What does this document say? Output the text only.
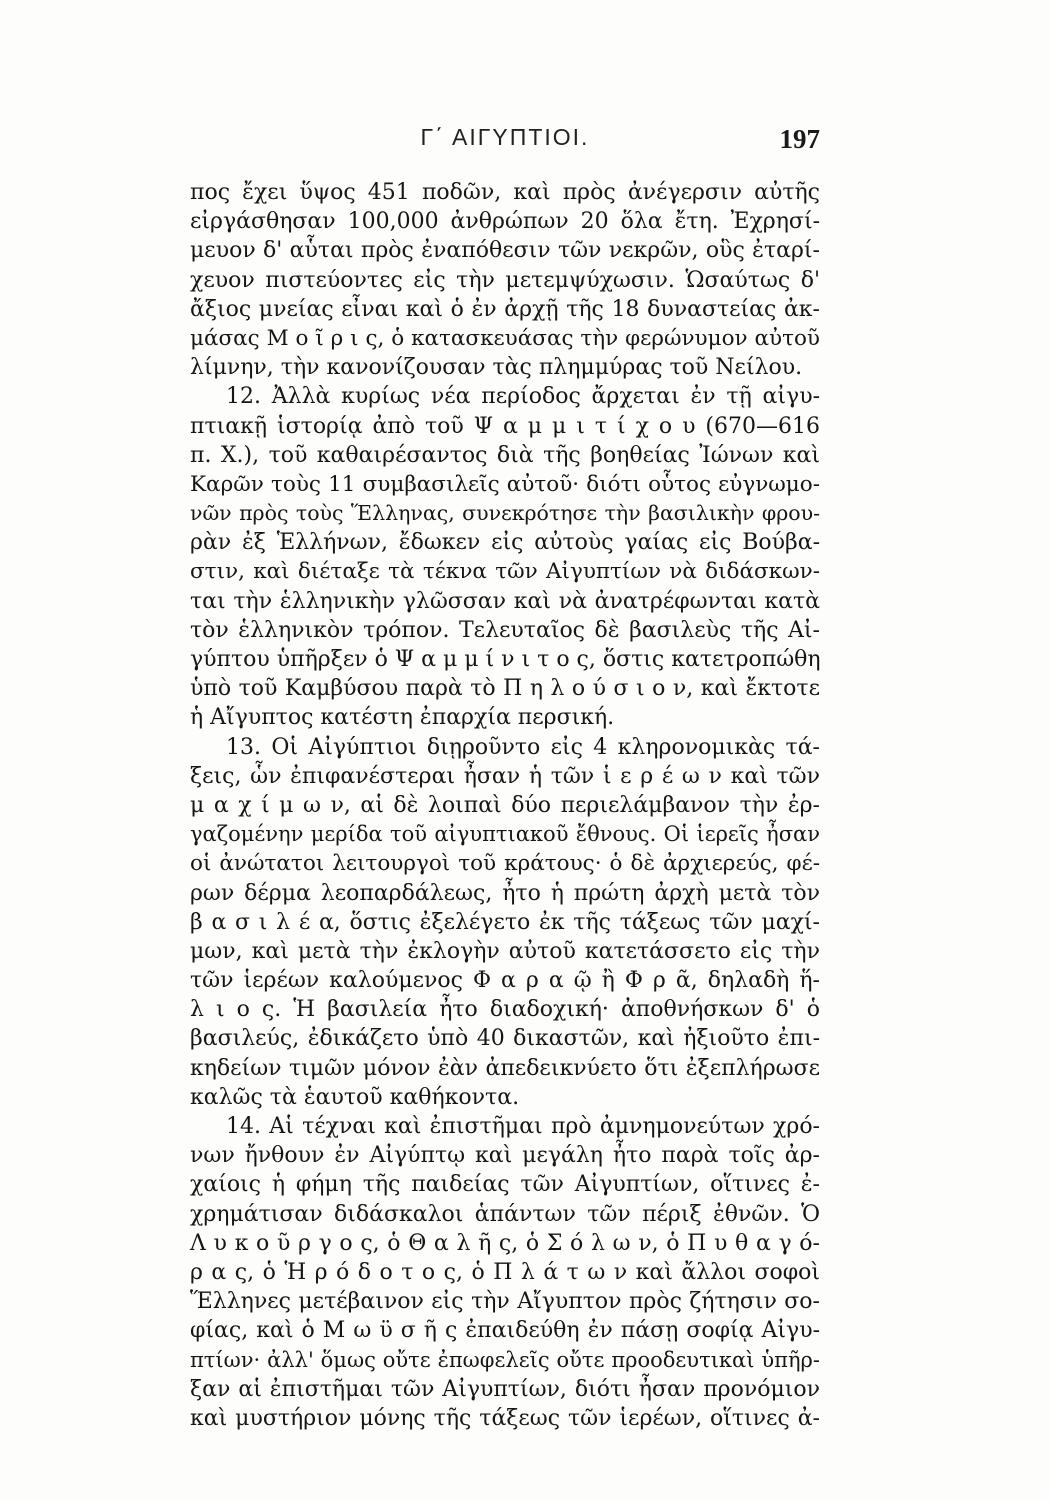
Γ΄ ΑΙΓΥΠΤΙΟΙ.	197
πος ἔχει ὕψος 451 ποδῶν, καὶ πρὸς ἀνέγερσιν αὐτῆς
εἰργάσθησαν 100,000 ἀνθρώπων 20 ὅλα ἔτη. Ἐχρησί-
μευον δ' αὗται πρὸς ἐναπόθεσιν τῶν νεκρῶν, οὓς ἐταρί-
χευον πιστεύοντες εἰς τὴν μετεμψύχωσιν. Ὡσαύτως δ'
ἄξιος μνείας εἶναι καὶ ὁ ἐν ἀρχῇ τῆς 18 δυναστείας ἀκ-
μάσας Μ ο ῖ ρ ι ς, ὁ κατασκευάσας τὴν φερώνυμον αὐτοῦ
λίμνην, τὴν κανονίζουσαν τὰς πλημμύρας τοῦ Νείλου.
12. Ἀλλὰ κυρίως νέα περίοδος ἄρχεται ἐν τῇ αἰγυ-
πτιακῇ ἱστορίᾳ ἀπὸ τοῦ Ψ α μ μ ι τ ί χ ο υ (670—616
π. Χ.), τοῦ καθαιρέσαντος διὰ τῆς βοηθείας Ἰώνων καὶ
Καρῶν τοὺς 11 συμβασιλεῖς αὐτοῦ· διότι οὗτος εὐγνωμο-
νῶν πρὸς τοὺς Ἕλληνας, συνεκρότησε τὴν βασιλικὴν φρου-
ρὰν ἐξ Ἑλλήνων, ἔδωκεν εἰς αὐτοὺς γαίας εἰς Βούβα-
στιν, καὶ διέταξε τὰ τέκνα τῶν Αἰγυπτίων νὰ διδάσκων-
ται τὴν ἑλληνικὴν γλῶσσαν καὶ νὰ ἀνατρέφωνται κατὰ
τὸν ἑλληνικὸν τρόπον. Τελευταῖος δὲ βασιλεὺς τῆς Αἰ-
γύπτου ὑπῆρξεν ὁ Ψ α μ μ ί ν ι τ ο ς, ὅστις κατετροπώθη
ὑπὸ τοῦ Καμβύσου παρὰ τὸ Π η λ ο ύ σ ι ο ν, καὶ ἔκτοτε
ἡ Αἴγυπτος κατέστη ἐπαρχία περσική.
13. Οἱ Αἰγύπτιοι διῃροῦντο εἰς 4 κληρονομικὰς τά-
ξεις, ὧν ἐπιφανέστεραι ἦσαν ἡ τῶν ἱ ε ρ έ ω ν καὶ τῶν
μ α χ ί μ ω ν, αἱ δὲ λοιπαὶ δύο περιελάμβανον τὴν ἐρ-
γαζομένην μερίδα τοῦ αἰγυπτιακοῦ ἔθνους. Οἱ ἱερεῖς ἦσαν
οἱ ἀνώτατοι λειτουργοὶ τοῦ κράτους· ὁ δὲ ἀρχιερεύς, φέ-
ρων δέρμα λεοπαρδάλεως, ἦτο ἡ πρώτη ἀρχὴ μετὰ τὸν
β α σ ι λ έ α, ὅστις ἐξελέγετο ἐκ τῆς τάξεως τῶν μαχί-
μων, καὶ μετὰ τὴν ἐκλογὴν αὐτοῦ κατετάσσετο εἰς τὴν
τῶν ἱερέων καλούμενος Φ α ρ α ῷ ἢ Φ ρ ᾶ, δηλαδὴ ἥ-
λ ι ο ς. Ἡ βασιλεία ἦτο διαδοχική· ἀποθνήσκων δ' ὁ
βασιλεύς, ἐδικάζετο ὑπὸ 40 δικαστῶν, καὶ ἠξιοῦτο ἐπι-
κηδείων τιμῶν μόνον ἐὰν ἀπεδεικνύετο ὅτι ἐξεπλήρωσε
καλῶς τὰ ἑαυτοῦ καθήκοντα.
14. Αἱ τέχναι καὶ ἐπιστῆμαι πρὸ ἀμνημονεύτων χρό-
νων ἤνθουν ἐν Αἰγύπτῳ καὶ μεγάλη ἦτο παρὰ τοῖς ἀρ-
χαίοις ἡ φήμη τῆς παιδείας τῶν Αἰγυπτίων, οἵτινες ἐ-
χρημάτισαν διδάσκαλοι ἁπάντων τῶν πέριξ ἐθνῶν. Ὁ
Λ υ κ ο ῦ ρ γ ο ς, ὁ Θ α λ ῆ ς, ὁ Σ ό λ ω ν, ὁ Π υ θ α γ ό-
ρ α ς, ὁ Ἡ ρ ό δ ο τ ο ς, ὁ Π λ ά τ ω ν καὶ ἄλλοι σοφοὶ
Ἕλληνες μετέβαινον εἰς τὴν Αἴγυπτον πρὸς ζήτησιν σο-
φίας, καὶ ὁ Μ ω ϋ σ ῆ ς ἐπαιδεύθη ἐν πάσῃ σοφίᾳ Αἰγυ-
πτίων· ἀλλ' ὅμως οὔτε ἐπωφελεῖς οὔτε προοδευτικαὶ ὑπῆρ-
ξαν αἱ ἐπιστῆμαι τῶν Αἰγυπτίων, διότι ἦσαν προνόμιον
καὶ μυστήριον μόνης τῆς τάξεως τῶν ἱερέων, οἵτινες ἀ-
